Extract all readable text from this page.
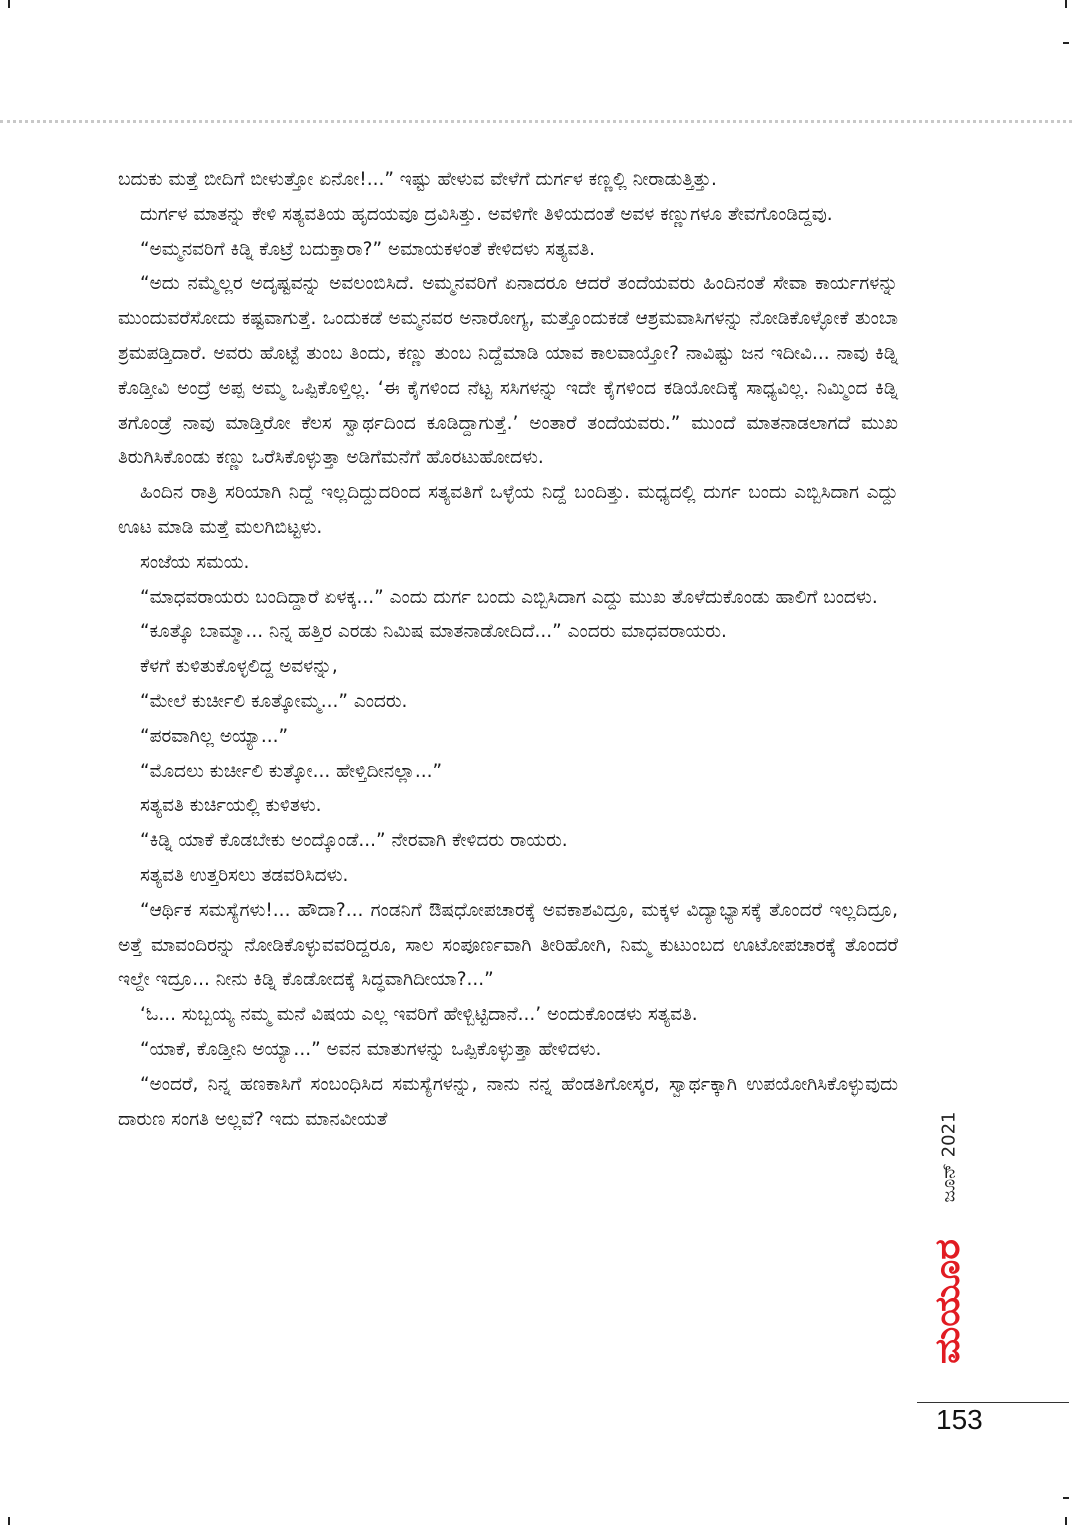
ಬದುಕು ಮತ್ತೆ ಬೀದಿಗೆ ಬೀಳುತ್ತೋ ಏನೋ!...” ಇಷ್ಟು ಹೇಳುವ ವೇಳೆಗೆ ದುರ್ಗಳ ಕಣ್ಣಲ್ಲಿ ನೀರಾಡುತ್ತಿತ್ತು.

ದುರ್ಗಳ ಮಾತನ್ನು ಕೇಳಿ ಸತ್ಯವತಿಯ ಹೃದಯವೂ ದ್ರವಿಸಿತ್ತು. ಅವಳಿಗೇ ತಿಳಿಯದಂತೆ ಅವಳ ಕಣ್ಣುಗಳೂ ತೇವಗೊಂಡಿದ್ದವು.

“ಅಮ್ಮನವರಿಗೆ ಕಿಡ್ನಿ ಕೊಟ್ರೆ ಬದುಕ್ತಾರಾ?” ಅಮಾಯಕಳಂತೆ ಕೇಳಿದಳು ಸತ್ಯವತಿ.

“ಅದು ನಮ್ಮೆಲ್ಲರ ಅದೃಷ್ಟವನ್ನು ಅವಲಂಬಿಸಿದೆ. ಅಮ್ಮನವರಿಗೆ ಏನಾದರೂ ಆದರೆ ತಂದೆಯವರು ಹಿಂದಿನಂತೆ ಸೇವಾ ಕಾರ್ಯಗಳನ್ನು ಮುಂದುವರೆಸೋದು ಕಷ್ಟವಾಗುತ್ತೆ. ಒಂದುಕಡೆ ಅಮ್ಮನವರ ಅನಾರೋಗ್ಯ, ಮತ್ತೊಂದುಕಡೆ ಆಶ್ರಮವಾಸಿಗಳನ್ನು ನೋಡಿಕೊಳ್ಳೋಕೆ ತುಂಬಾ ಶ್ರಮಪಡ್ತಿದಾರೆ. ಅವರು ಹೊಟ್ಟೆ ತುಂಬ ತಿಂದು, ಕಣ್ಣು ತುಂಬ ನಿದ್ದೆಮಾಡಿ ಯಾವ ಕಾಲವಾಯ್ತೋ? ನಾವಿಷ್ಟು ಜನ ಇದೀವಿ... ನಾವು ಕಿಡ್ನಿ ಕೊಡ್ತೀವಿ ಅಂದ್ರೆ ಅಪ್ಪ ಅಮ್ಮ ಒಪ್ಪಿಕೊಳ್ತಿಲ್ಲ. ‘ಈ ಕೈಗಳಿಂದ ನೆಟ್ಟ ಸಸಿಗಳನ್ನು ಇದೇ ಕೈಗಳಿಂದ ಕಡಿಯೋದಿಕ್ಕೆ ಸಾಧ್ಯವಿಲ್ಲ. ನಿಮ್ಮಿಂದ ಕಿಡ್ನಿ ತಗೊಂಡ್ರೆ ನಾವು ಮಾಡ್ತಿರೋ ಕೆಲಸ ಸ್ವಾರ್ಥದಿಂದ ಕೂಡಿದ್ದಾಗುತ್ತೆ.’ ಅಂತಾರೆ ತಂದೆಯವರು.” ಮುಂದೆ ಮಾತನಾಡಲಾಗದೆ ಮುಖ ತಿರುಗಿಸಿಕೊಂಡು ಕಣ್ಣು ಒರೆಸಿಕೊಳ್ಳುತ್ತಾ ಅಡಿಗೆಮನೆಗೆ ಹೊರಟುಹೋದಳು.

ಹಿಂದಿನ ರಾತ್ರಿ ಸರಿಯಾಗಿ ನಿದ್ದೆ ಇಲ್ಲದಿದ್ದುದರಿಂದ ಸತ್ಯವತಿಗೆ ಒಳ್ಳೆಯ ನಿದ್ದೆ ಬಂದಿತ್ತು. ಮಧ್ಯದಲ್ಲಿ ದುರ್ಗ ಬಂದು ಎಬ್ಬಿಸಿದಾಗ ಎದ್ದು ಊಟ ಮಾಡಿ ಮತ್ತೆ ಮಲಗಿಬಿಟ್ಟಳು.

ಸಂಜೆಯ ಸಮಯ.

“ಮಾಧವರಾಯರು ಬಂದಿದ್ದಾರೆ ಏಳಕ್ಕ...” ಎಂದು ದುರ್ಗ ಬಂದು ಎಬ್ಬಿಸಿದಾಗ ಎದ್ದು ಮುಖ ತೊಳೆದುಕೊಂಡು ಹಾಲಿಗೆ ಬಂದಳು.

“ಕೂತ್ಕೊ ಬಾಮ್ಮಾ... ನಿನ್ನ ಹತ್ತಿರ ಎರಡು ನಿಮಿಷ ಮಾತನಾಡೋದಿದೆ...” ಎಂದರು ಮಾಧವರಾಯರು.

ಕೆಳಗೆ ಕುಳಿತುಕೊಳ್ಳಲಿದ್ದ ಅವಳನ್ನು,

“ಮೇಲೆ ಕುರ್ಚೀಲಿ ಕೂತ್ಕೋಮ್ಮ...” ಎಂದರು.

“ಪರವಾಗಿಲ್ಲ ಅಯ್ಯಾ...”

“ಮೊದಲು ಕುರ್ಚೀಲಿ ಕುತ್ಕೋ... ಹೇಳ್ತಿದೀನಲ್ಲಾ...”

ಸತ್ಯವತಿ ಕುರ್ಚಿಯಲ್ಲಿ ಕುಳಿತಳು.

“ಕಿಡ್ನಿ ಯಾಕೆ ಕೊಡಬೇಕು ಅಂದ್ಕೊಂಡೆ...” ನೇರವಾಗಿ ಕೇಳಿದರು ರಾಯರು.

ಸತ್ಯವತಿ ಉತ್ತರಿಸಲು ತಡವರಿಸಿದಳು.

“ಆರ್ಥಿಕ ಸಮಸ್ಯೆಗಳು!... ಹೌದಾ?... ಗಂಡನಿಗೆ ಔಷಧೋಪಚಾರಕ್ಕೆ ಅವಕಾಶವಿದ್ರೂ, ಮಕ್ಕಳ ವಿದ್ಯಾಭ್ಯಾಸಕ್ಕೆ ತೊಂದರೆ ಇಲ್ಲದಿದ್ರೂ, ಅತ್ತೆ ಮಾವಂದಿರನ್ನು ನೋಡಿಕೊಳ್ಳುವವರಿದ್ದರೂ, ಸಾಲ ಸಂಪೂರ್ಣವಾಗಿ ತೀರಿಹೋಗಿ, ನಿಮ್ಮ ಕುಟುಂಬದ ಊಟೋಪಚಾರಕ್ಕೆ ತೊಂದರೆ ಇಲ್ದೇ ಇದ್ರೂ... ನೀನು ಕಿಡ್ನಿ ಕೊಡೋದಕ್ಕೆ ಸಿದ್ಧವಾಗಿದೀಯಾ?...”

‘ಓ... ಸುಬ್ಬಯ್ಯ ನಮ್ಮ ಮನೆ ವಿಷಯ ಎಲ್ಲ ಇವರಿಗೆ ಹೇಳ್ಬಿಟ್ಟಿದಾನೆ...’ ಅಂದುಕೊಂಡಳು ಸತ್ಯವತಿ.

“ಯಾಕೆ, ಕೊಡ್ತೀನಿ ಅಯ್ಯಾ...” ಅವನ ಮಾತುಗಳನ್ನು ಒಪ್ಪಿಕೊಳ್ಳುತ್ತಾ ಹೇಳಿದಳು.

“ಅಂದರೆ, ನಿನ್ನ ಹಣಕಾಸಿಗೆ ಸಂಬಂಧಿಸಿದ ಸಮಸ್ಯೆಗಳನ್ನು, ನಾನು ನನ್ನ ಹೆಂಡತಿಗೋಸ್ಕರ, ಸ್ವಾರ್ಥಕ್ಕಾಗಿ ಉಪಯೋಗಿಸಿಕೊಳ್ಳುವುದು ದಾರುಣ ಸಂಗತಿ ಅಲ್ಲವೆ? ಇದು ಮಾನವೀಯತೆ	ಜೂನ್ 2021
ಮಯೂರ
153
